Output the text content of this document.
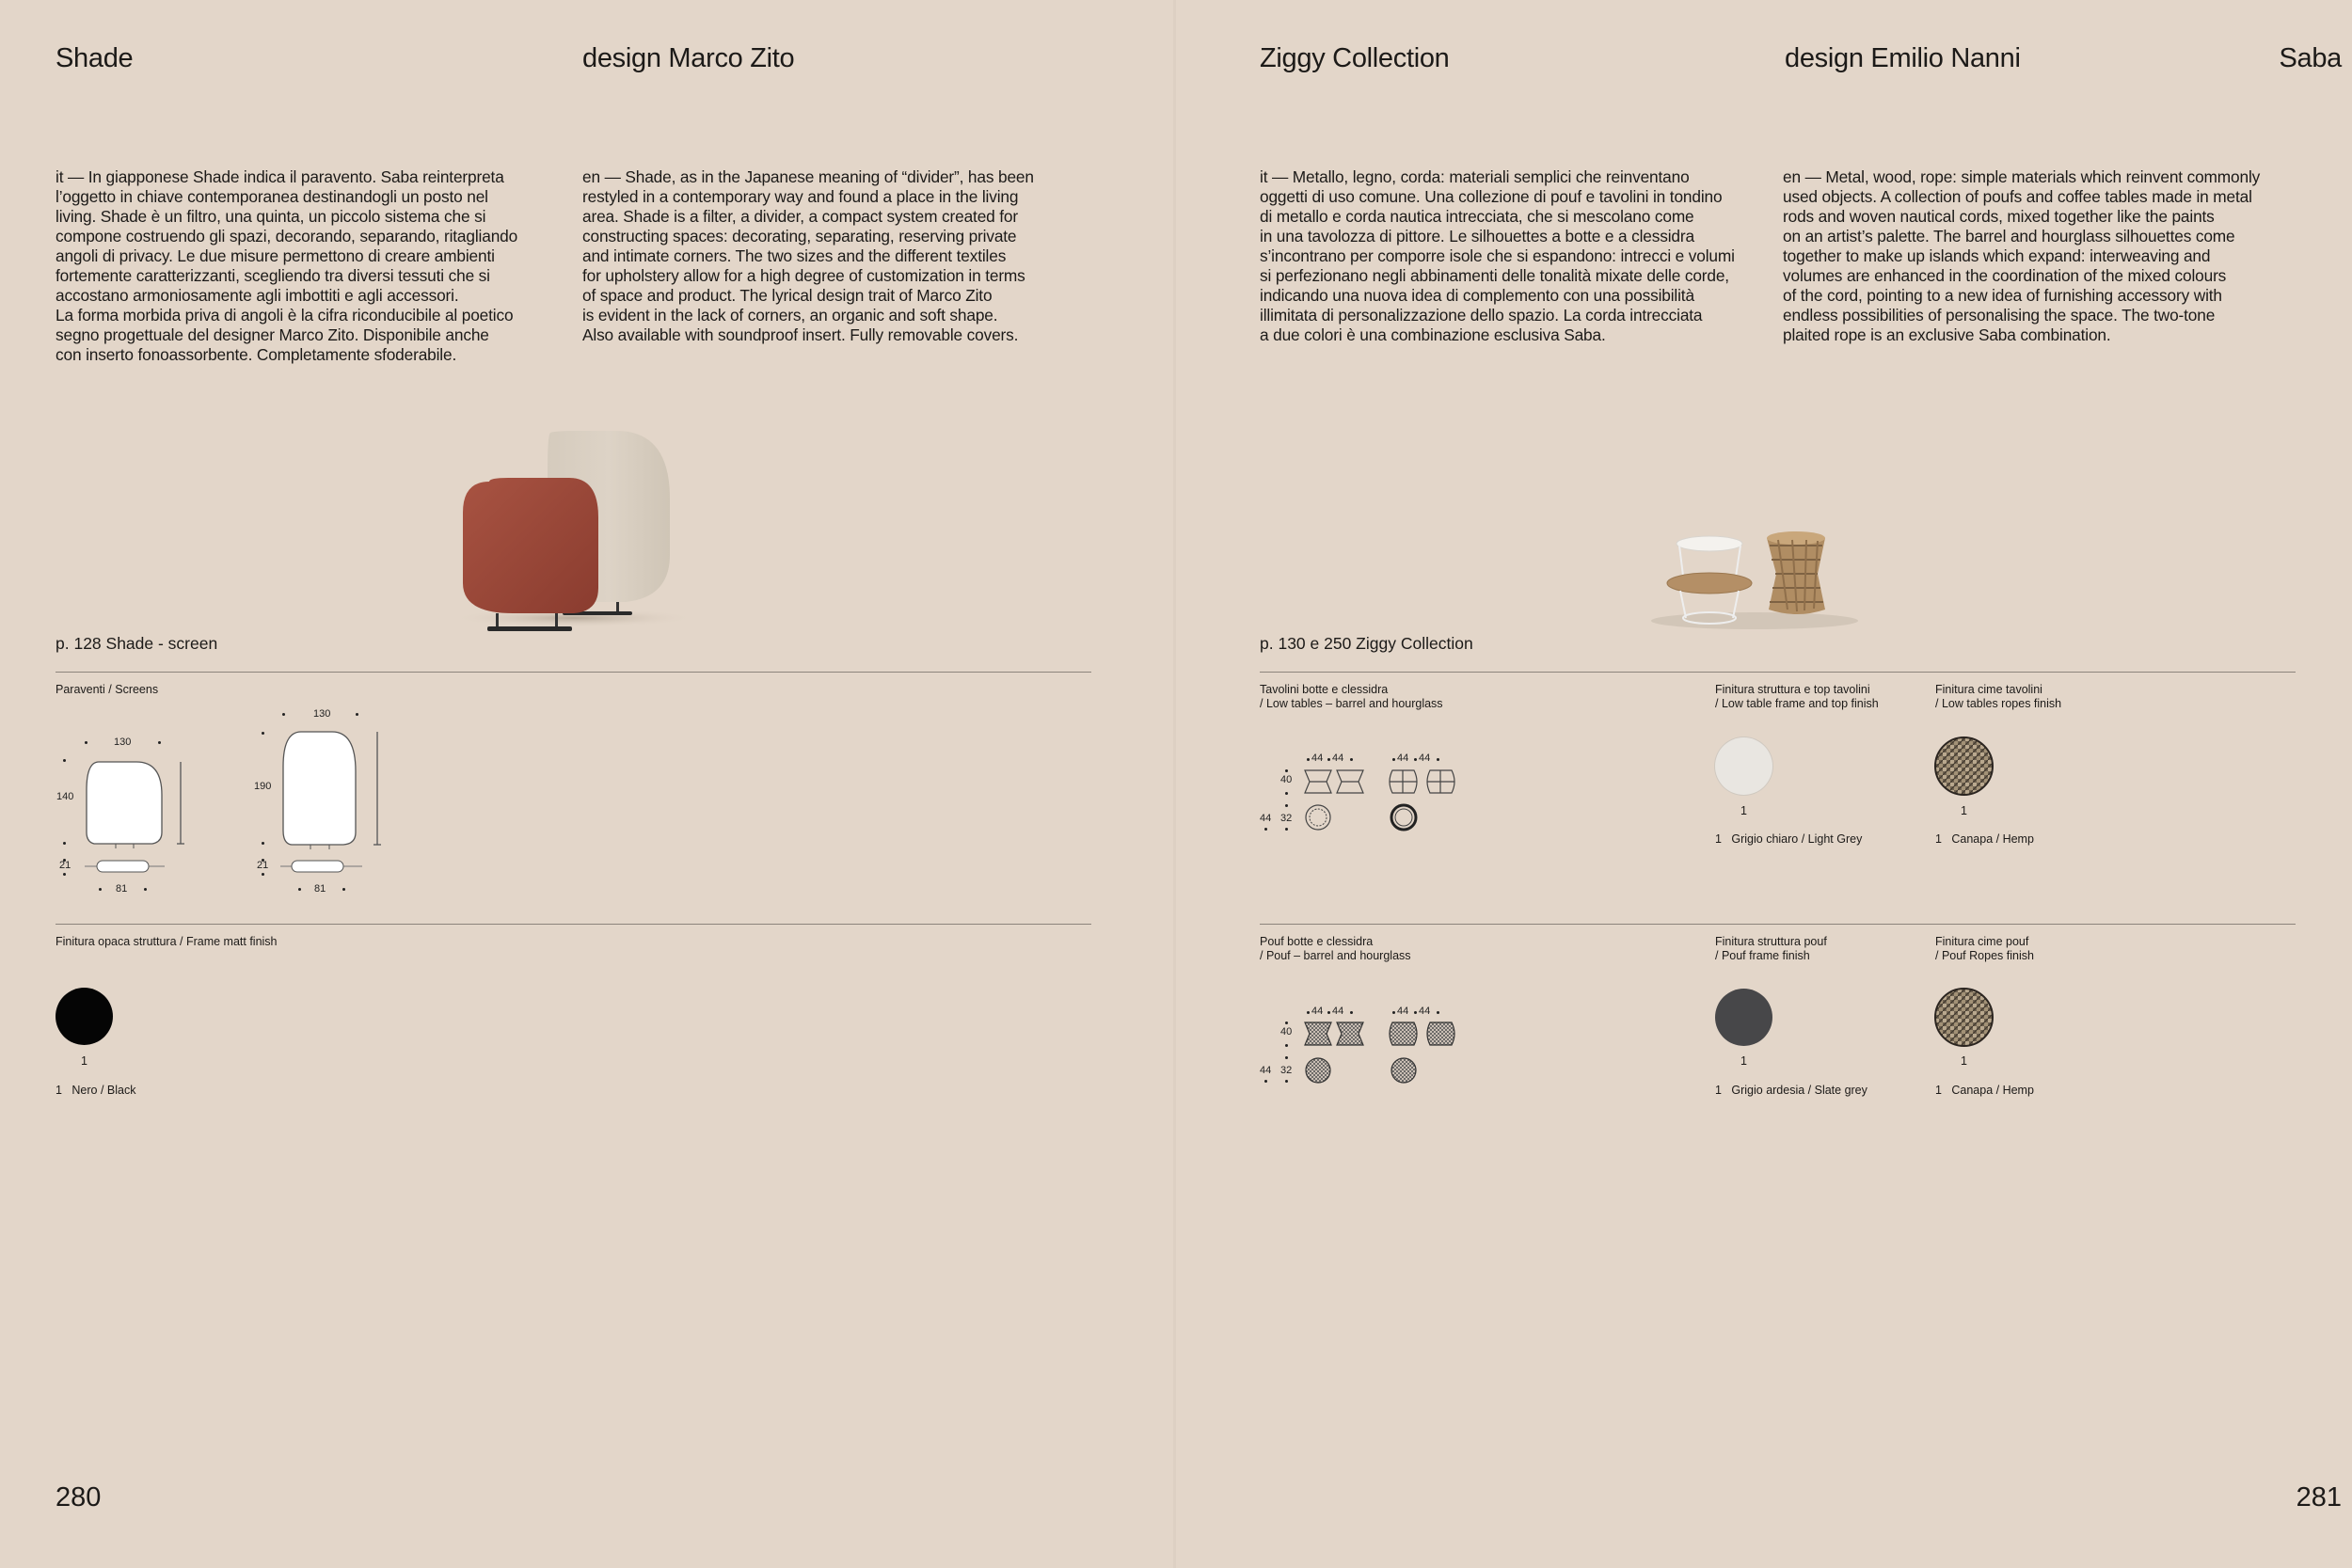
Shade	design Marco Zito
it — In giapponese Shade indica il paravento. Saba reinterpreta
l’oggetto in chiave contemporanea destinandogli un posto nel
living. Shade è un filtro, una quinta, un piccolo sistema che si
compone costruendo gli spazi, decorando, separando, ritagliando
angoli di privacy. Le due misure permettono di creare ambienti
fortemente caratterizzanti, scegliendo tra diversi tessuti che si
accostano armoniosamente agli imbottiti e agli accessori.
La forma morbida priva di angoli è la cifra riconducibile al poetico
segno progettuale del designer Marco Zito. Disponibile anche
con inserto fonoassorbente. Completamente sfoderabile.
en — Shade, as in the Japanese meaning of “divider”, has been
restyled in a contemporary way and found a place in the living
area. Shade is a filter, a divider, a compact system created for
constructing spaces: decorating, separating, reserving private
and intimate corners. The two sizes and the different textiles
for upholstery allow for a high degree of customization in terms
of space and product. The lyrical design trait of Marco Zito
is evident in the lack of corners, an organic and soft shape.
Also available with soundproof insert. Fully removable covers.
p. 128 Shade - screen
Paraventi / Screens
130
140
21
81
130
190
21
81
Finitura opaca struttura / Frame matt finish
1
1 Nero / Black
280
Ziggy Collection	design Emilio Nanni	Saba
it — Metallo, legno, corda: materiali semplici che reinventano
oggetti di uso comune. Una collezione di pouf e tavolini in tondino
di metallo e corda nautica intrecciata, che si mescolano come
in una tavolozza di pittore. Le silhouettes a botte e a clessidra
s’incontrano per comporre isole che si espandono: intrecci e volumi
si perfezionano negli abbinamenti delle tonalità mixate delle corde,
indicando una nuova idea di complemento con una possibilità
illimitata di personalizzazione dello spazio. La corda intrecciata
a due colori è una combinazione esclusiva Saba.
en — Metal, wood, rope: simple materials which reinvent commonly
used objects. A collection of poufs and coffee tables made in metal
rods and woven nautical cords, mixed together like the paints
on an artist’s palette. The barrel and hourglass silhouettes come
together to make up islands which expand: interweaving and
volumes are enhanced in the coordination of the mixed colours
of the cord, pointing to a new idea of furnishing accessory with
endless possibilities of personalising the space. The two-tone
plaited rope is an exclusive Saba combination.
p. 130 e 250 Ziggy Collection
Tavolini botte e clessidra
/ Low tables – barrel and hourglass
44 44	44 44
40
44 32
Finitura struttura e top tavolini
/ Low table frame and top finish
1
1 Grigio chiaro / Light Grey
Finitura cime tavolini
/ Low tables ropes finish
1
1 Canapa / Hemp
Pouf botte e clessidra
/ Pouf – barrel and hourglass
44 44	44 44
40
44 32
Finitura struttura pouf
/ Pouf frame finish
1
1 Grigio ardesia / Slate grey
Finitura cime pouf
/ Pouf Ropes finish
1
1 Canapa / Hemp
281
